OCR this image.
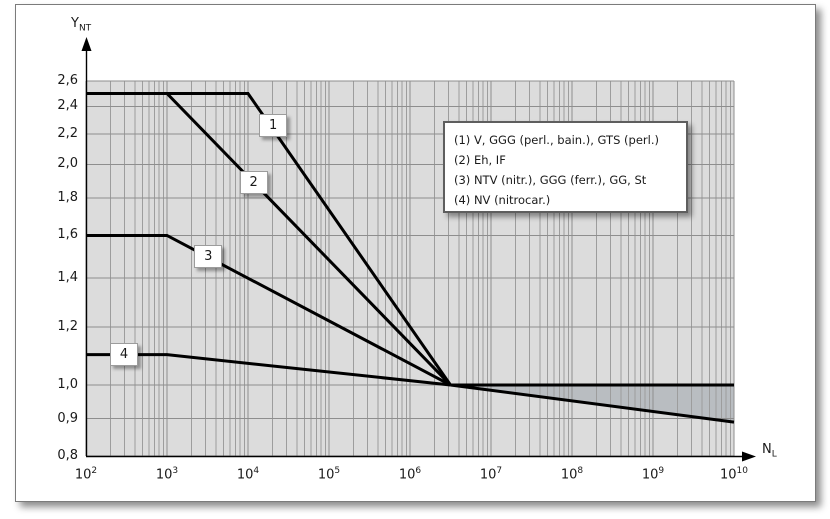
$Y_{NT}$
$N_L$
(1) V, GGG (perl., bain.), GTS (perl.)
(2) Eh, IF
(3) NTV (nitr.), GGG (ferr.), GG, St
(4) NV (nitrocar.)
2,6
2,4
2,2
2,0
1,8
1,6
1,4
1,2
1,0
0,9
0,8
$10^2$	$10^3$	$10^4$	$10^5$	$10^6$	$10^7$	$10^8$	$10^9$	$10^{10}$
1
2
3
4
